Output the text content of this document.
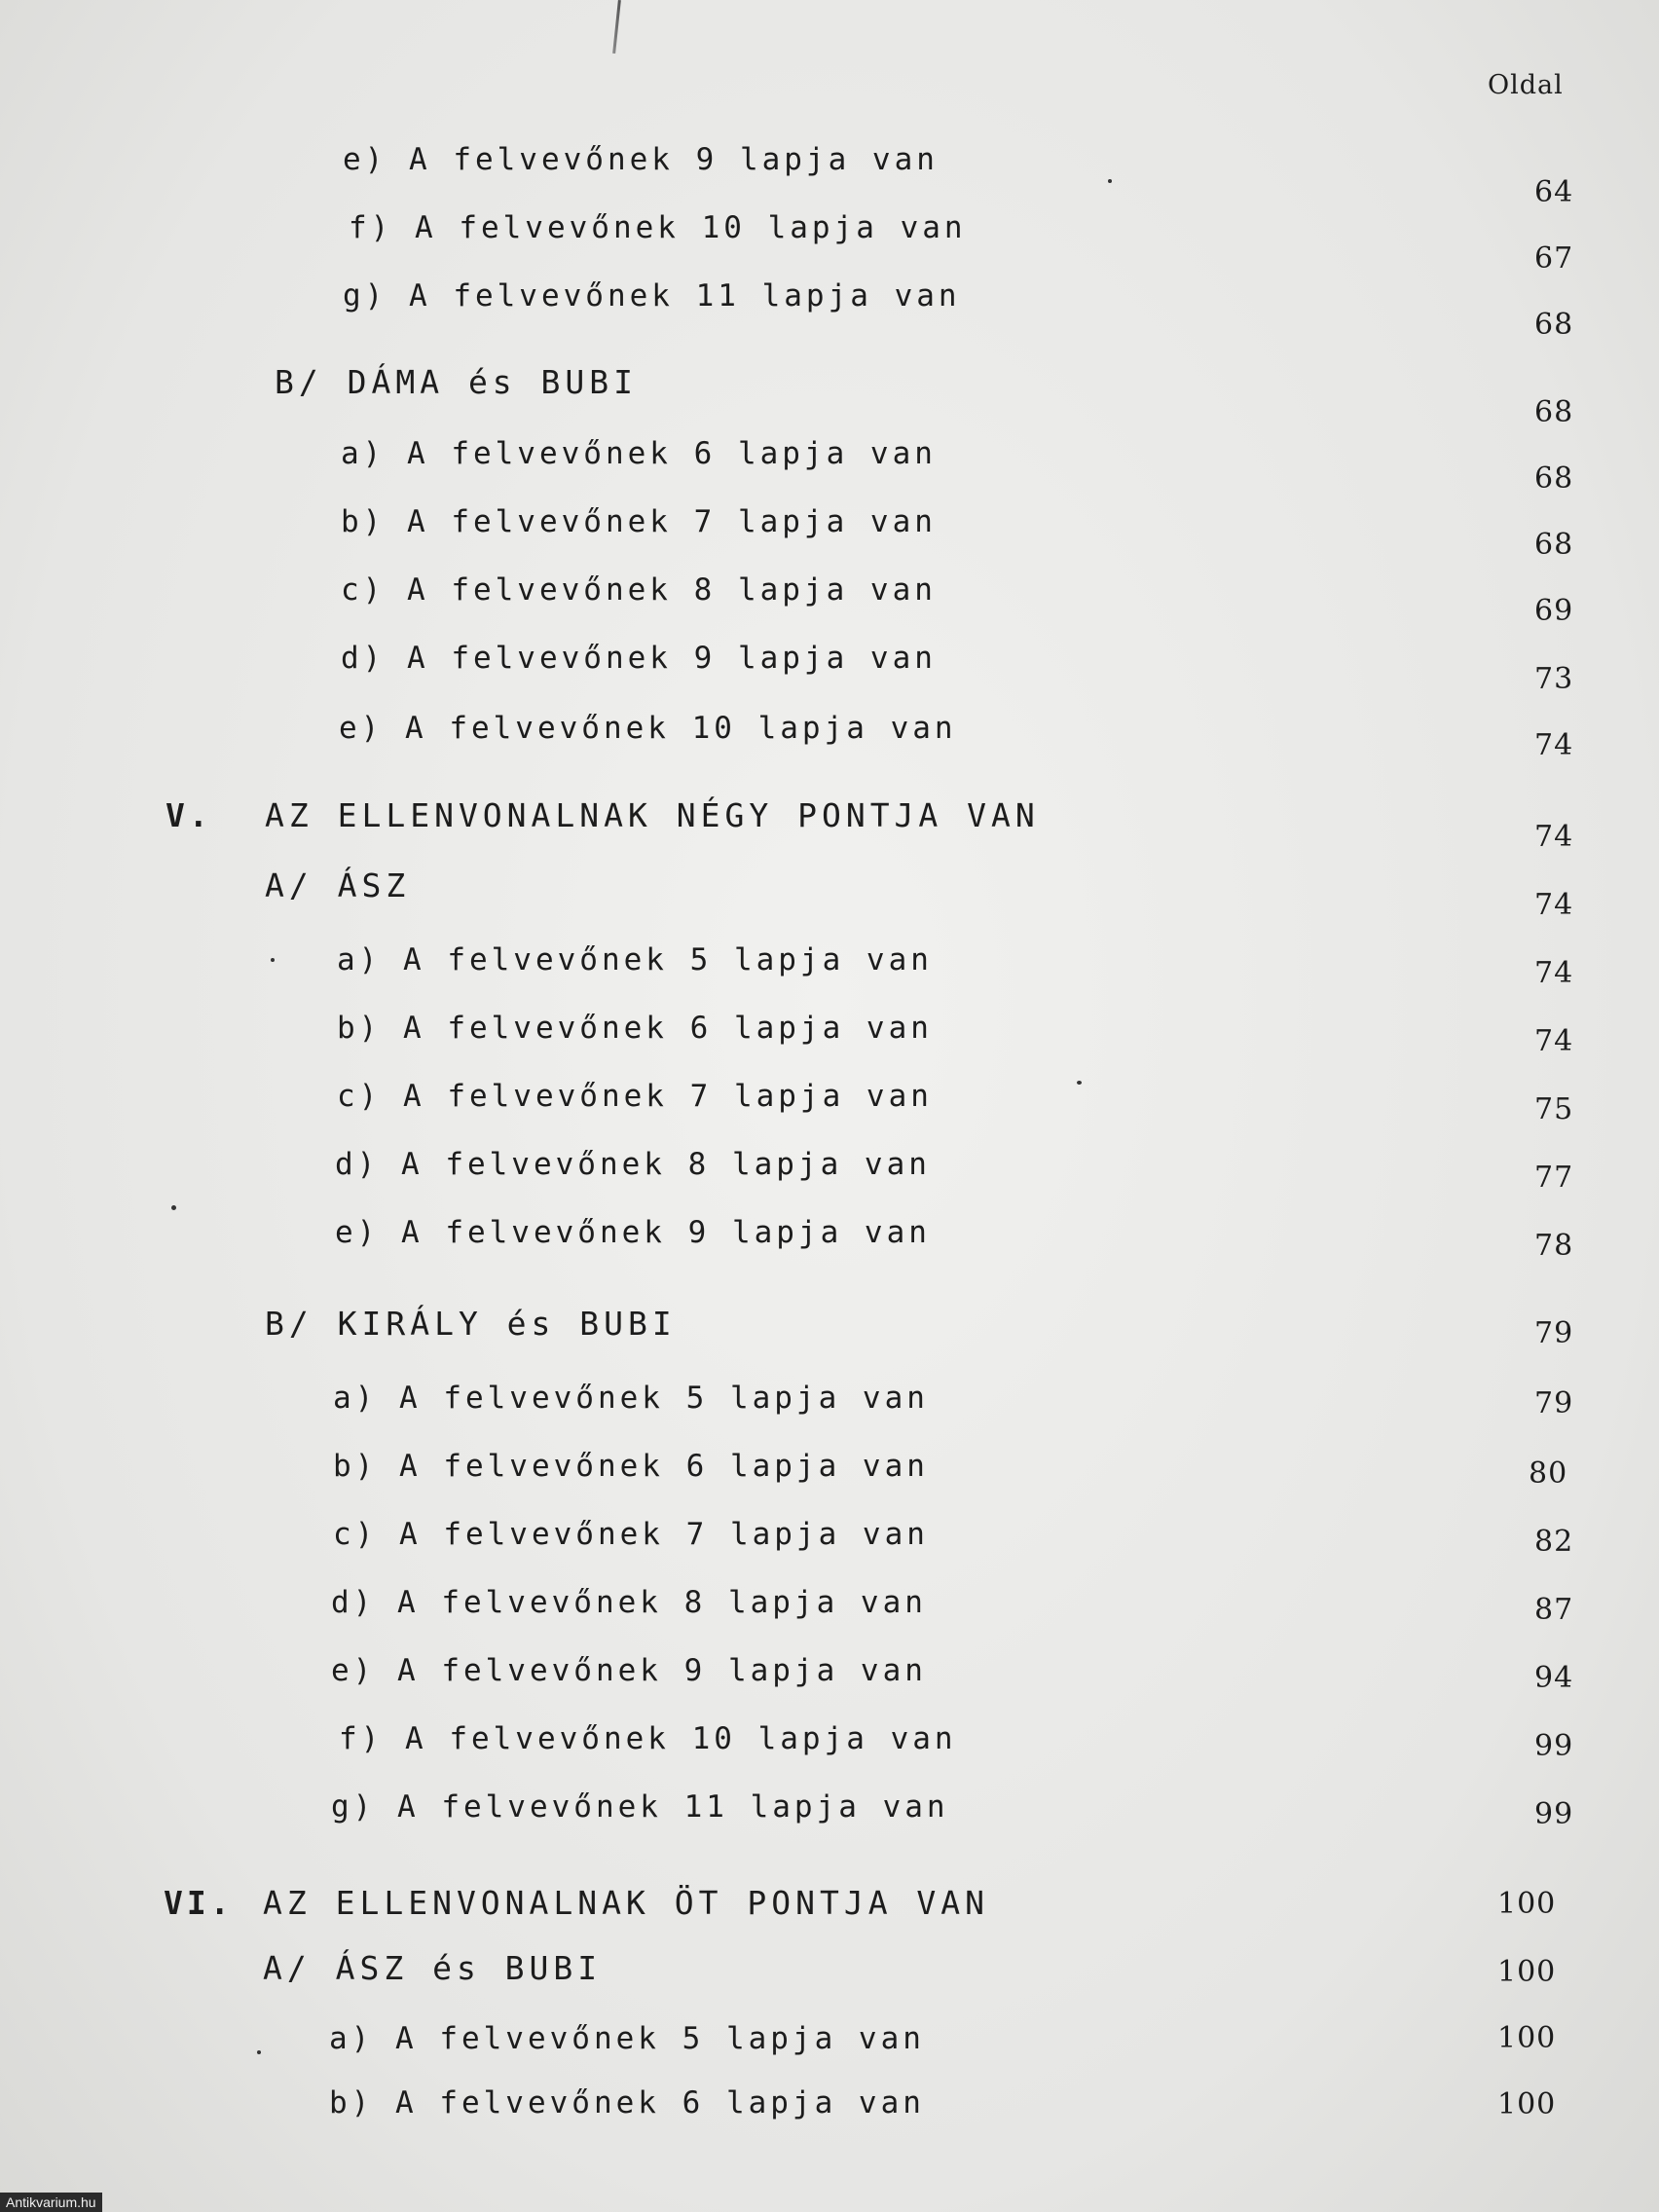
Oldal
V.
VI.
e) A felvevőnek 9 lapja van
f) A felvevőnek 10 lapja van
g) A felvevőnek 11 lapja van
B/ DÁMA és BUBI
a) A felvevőnek 6 lapja van
b) A felvevőnek 7 lapja van
c) A felvevőnek 8 lapja van
d) A felvevőnek 9 lapja van
e) A felvevőnek 10 lapja van
AZ ELLENVONALNAK NÉGY PONTJA VAN
A/ ÁSZ
a) A felvevőnek 5 lapja van
b) A felvevőnek 6 lapja van
c) A felvevőnek 7 lapja van
d) A felvevőnek 8 lapja van
e) A felvevőnek 9 lapja van
B/ KIRÁLY és BUBI
a) A felvevőnek 5 lapja van
b) A felvevőnek 6 lapja van
c) A felvevőnek 7 lapja van
d) A felvevőnek 8 lapja van
e) A felvevőnek 9 lapja van
f) A felvevőnek 10 lapja van
g) A felvevőnek 11 lapja van
AZ ELLENVONALNAK ÖT PONTJA VAN
A/ ÁSZ és BUBI
a) A felvevőnek 5 lapja van
b) A felvevőnek 6 lapja van
64
67
68
68
68
68
69
73
74
74
74
74
74
75
77
78
79
79
80
82
87
94
99
99
100
100
100
100
Antikvarium.hu
